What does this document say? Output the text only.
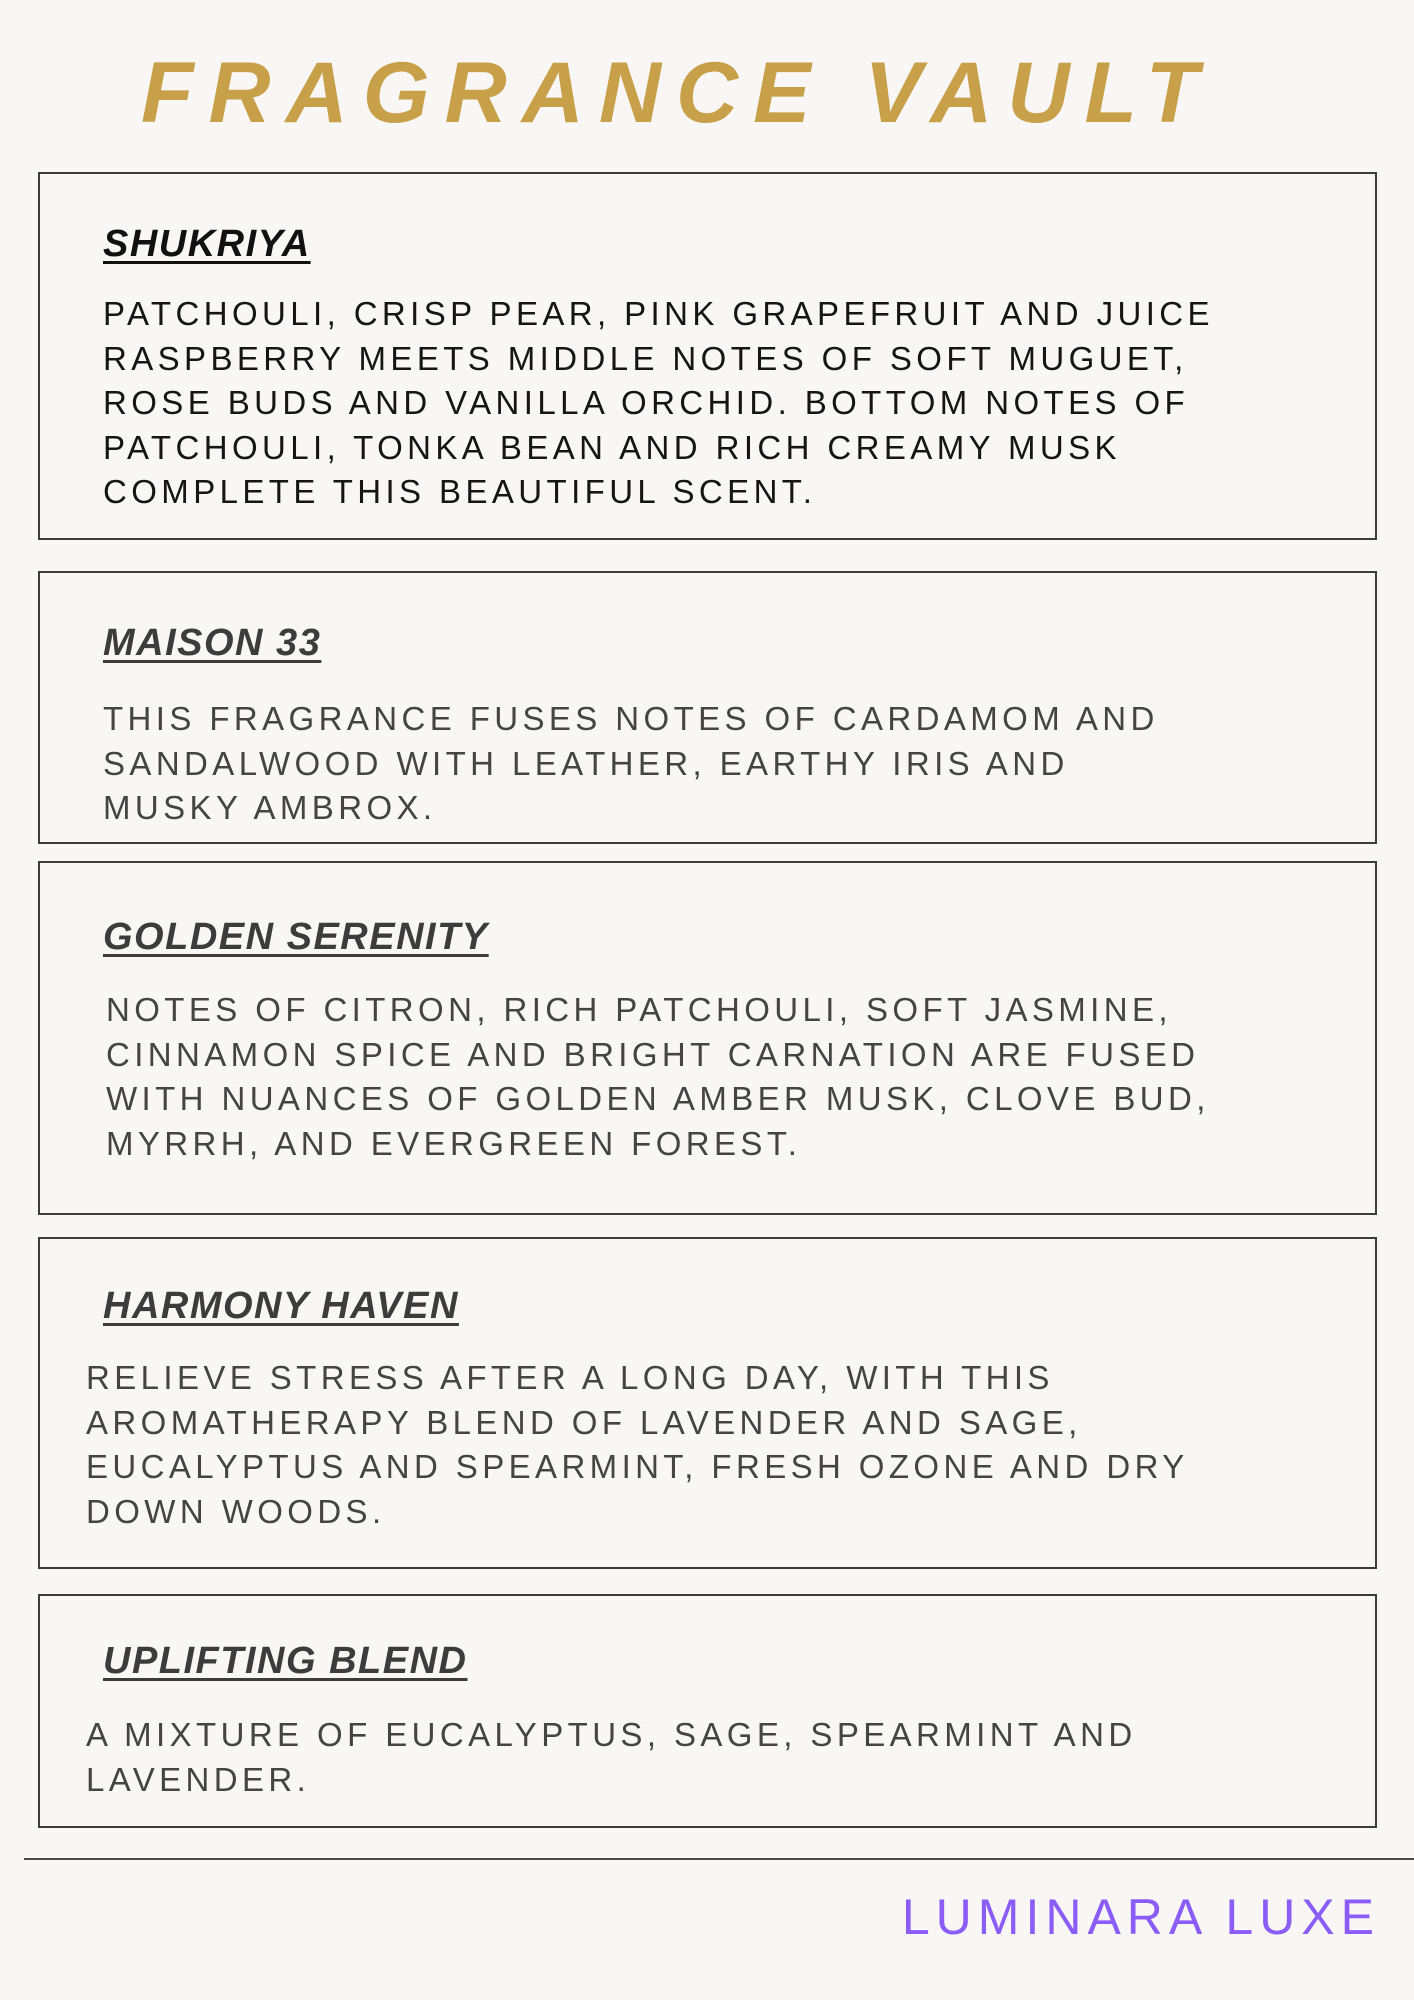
FRAGRANCE VAULT
SHUKRIYA

PATCHOULI, CRISP PEAR, PINK GRAPEFRUIT AND JUICE
RASPBERRY MEETS MIDDLE NOTES OF SOFT MUGUET,
ROSE BUDS AND VANILLA ORCHID. BOTTOM NOTES OF
PATCHOULI, TONKA BEAN AND RICH CREAMY MUSK
COMPLETE THIS BEAUTIFUL SCENT.

MAISON 33

THIS FRAGRANCE FUSES NOTES OF CARDAMOM AND
SANDALWOOD WITH LEATHER, EARTHY IRIS AND
MUSKY AMBROX.

GOLDEN SERENITY

NOTES OF CITRON, RICH PATCHOULI, SOFT JASMINE,
CINNAMON SPICE AND BRIGHT CARNATION ARE FUSED
WITH NUANCES OF GOLDEN AMBER MUSK, CLOVE BUD,
MYRRH, AND EVERGREEN FOREST.

HARMONY HAVEN

RELIEVE STRESS AFTER A LONG DAY, WITH THIS
AROMATHERAPY BLEND OF LAVENDER AND SAGE,
EUCALYPTUS AND SPEARMINT, FRESH OZONE AND DRY
DOWN WOODS.

UPLIFTING BLEND

A MIXTURE OF EUCALYPTUS, SAGE, SPEARMINT AND
LAVENDER.

LUMINARA LUXE
